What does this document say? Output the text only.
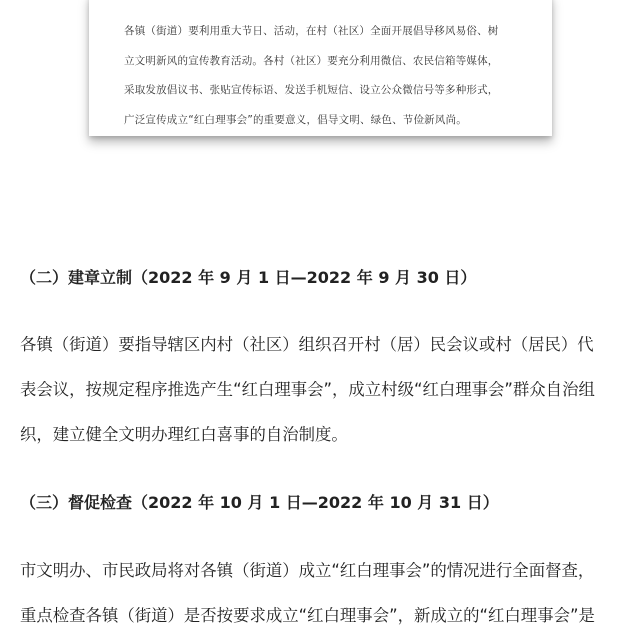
各镇（街道）要利用重大节日、活动，在村（社区）全面开展倡导移风易俗、树

立文明新风的宣传教育活动。各村（社区）要充分利用微信、农民信箱等媒体，

采取发放倡议书、张贴宣传标语、发送手机短信、设立公众微信号等多种形式，

广泛宣传成立“红白理事会”的重要意义，倡导文明、绿色、节俭新风尚。

（二）建章立制（2022 年 9 月 1 日—2022 年 9 月 30 日）

各镇（街道）要指导辖区内村（社区）组织召开村（居）民会议或村（居民）代

表会议，按规定程序推选产生“红白理事会”，成立村级“红白理事会”群众自治组

织，建立健全文明办理红白喜事的自治制度。

（三）督促检查（2022 年 10 月 1 日—2022 年 10 月 31 日）

市文明办、市民政局将对各镇（街道）成立“红白理事会”的情况进行全面督查，

重点检查各镇（街道）是否按要求成立“红白理事会”，新成立的“红白理事会”是
